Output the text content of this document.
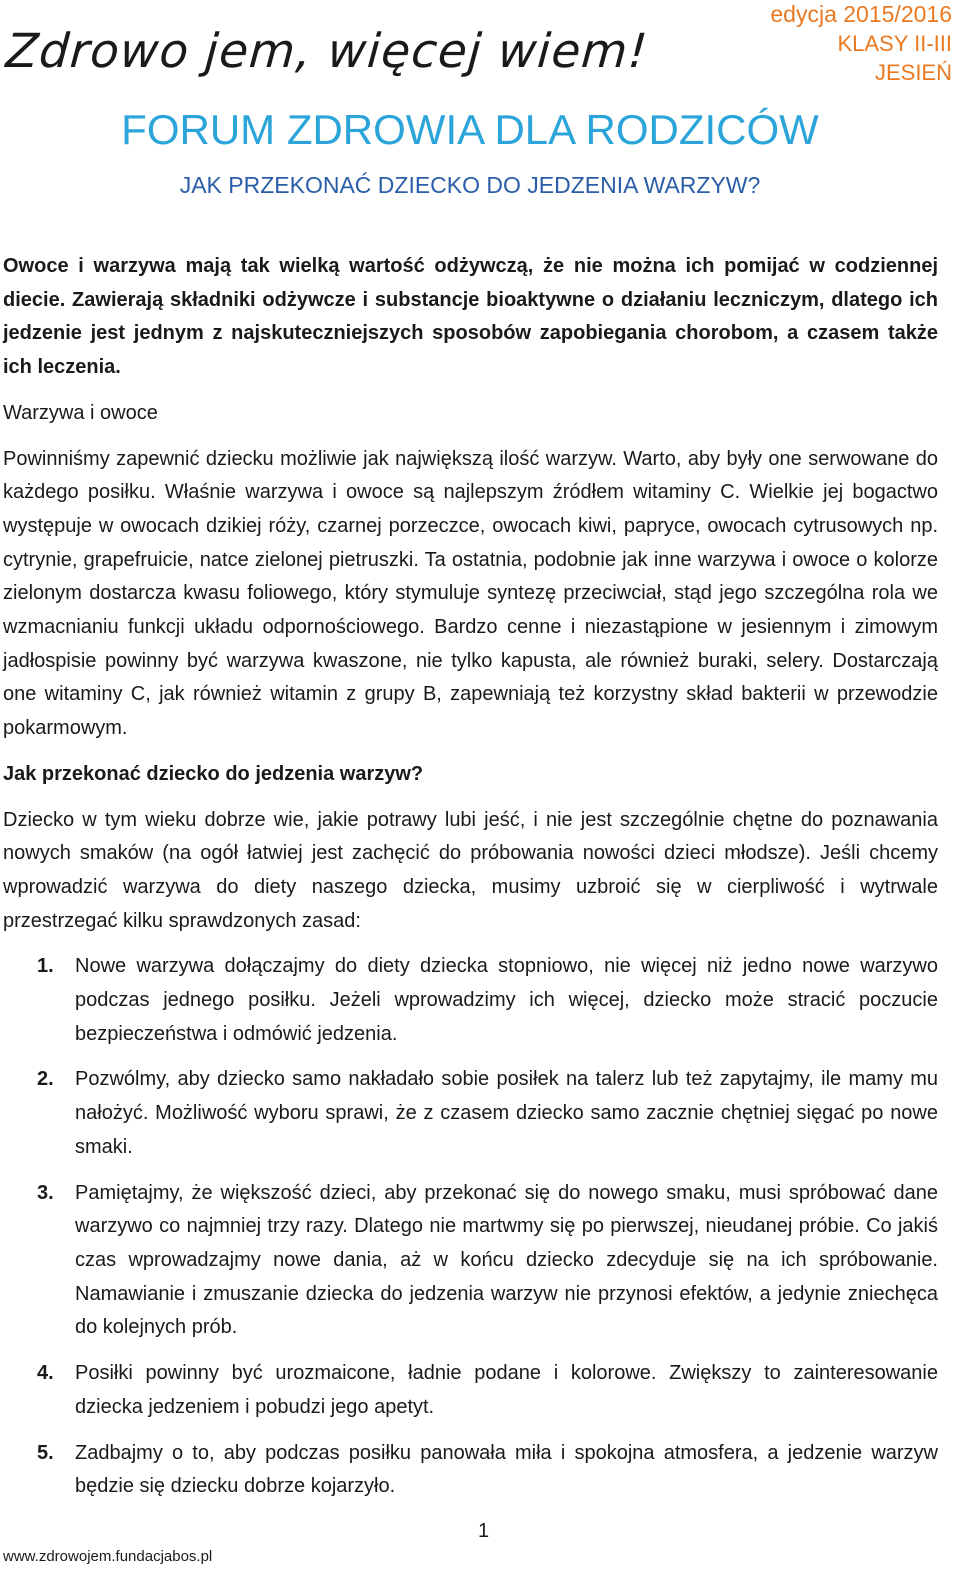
Zdrowo jem, więcej wiem!
edycja 2015/2016
KLASY II-III
JESIEŃ
FORUM ZDROWIA DLA RODZICÓW
JAK PRZEKONAĆ DZIECKO DO JEDZENIA WARZYW?

Owoce i warzywa mają tak wielką wartość odżywczą, że nie można ich pomijać w codziennej diecie. Zawierają składniki odżywcze i substancje bioaktywne o działaniu leczniczym, dlatego ich jedzenie jest jednym z najskuteczniejszych sposobów zapobiegania chorobom, a czasem także ich leczenia.

Warzywa i owoce

Powinniśmy zapewnić dziecku możliwie jak największą ilość warzyw. Warto, aby były one serwowane do każdego posiłku. Właśnie warzywa i owoce są najlepszym źródłem witaminy C. Wielkie jej bogactwo występuje w owocach dzikiej róży, czarnej porzeczce, owocach kiwi, papryce, owocach cytrusowych np. cytrynie, grapefruicie, natce zielonej pietruszki. Ta ostatnia, podobnie jak inne warzywa i owoce o kolorze zielonym dostarcza kwasu foliowego, który stymuluje syntezę przeciwciał, stąd jego szczególna rola we wzmacnianiu funkcji układu odpornościowego. Bardzo cenne i niezastąpione w jesiennym i zimowym jadłospisie powinny być warzywa kwaszone, nie tylko kapusta, ale również buraki, selery. Dostarczają one witaminy C, jak również witamin z grupy B, zapewniają też korzystny skład bakterii w przewodzie pokarmowym.

Jak przekonać dziecko do jedzenia warzyw?

Dziecko w tym wieku dobrze wie, jakie potrawy lubi jeść, i nie jest szczególnie chętne do poznawania nowych smaków (na ogół łatwiej jest zachęcić do próbowania nowości dzieci młodsze). Jeśli chcemy wprowadzić warzywa do diety naszego dziecka, musimy uzbroić się w cierpliwość i wytrwale przestrzegać kilku sprawdzonych zasad:

1. Nowe warzywa dołączajmy do diety dziecka stopniowo, nie więcej niż jedno nowe warzywo podczas jednego posiłku. Jeżeli wprowadzimy ich więcej, dziecko może stracić poczucie bezpieczeństwa i odmówić jedzenia.

2. Pozwólmy, aby dziecko samo nakładało sobie posiłek na talerz lub też zapytajmy, ile mamy mu nałożyć. Możliwość wyboru sprawi, że z czasem dziecko samo zacznie chętniej sięgać po nowe smaki.

3. Pamiętajmy, że większość dzieci, aby przekonać się do nowego smaku, musi spróbować dane warzywo co najmniej trzy razy. Dlatego nie martwmy się po pierwszej, nieudanej próbie. Co jakiś czas wprowadzajmy nowe dania, aż w końcu dziecko zdecyduje się na ich spróbowanie. Namawianie i zmuszanie dziecka do jedzenia warzyw nie przynosi efektów, a jedynie zniechęca do kolejnych prób.

4. Posiłki powinny być urozmaicone, ładnie podane i kolorowe. Zwiększy to zainteresowanie dziecka jedzeniem i pobudzi jego apetyt.

5. Zadbajmy o to, aby podczas posiłku panowała miła i spokojna atmosfera, a jedzenie warzyw będzie się dziecku dobrze kojarzyło.

1
www.zdrowojem.fundacjabos.pl
